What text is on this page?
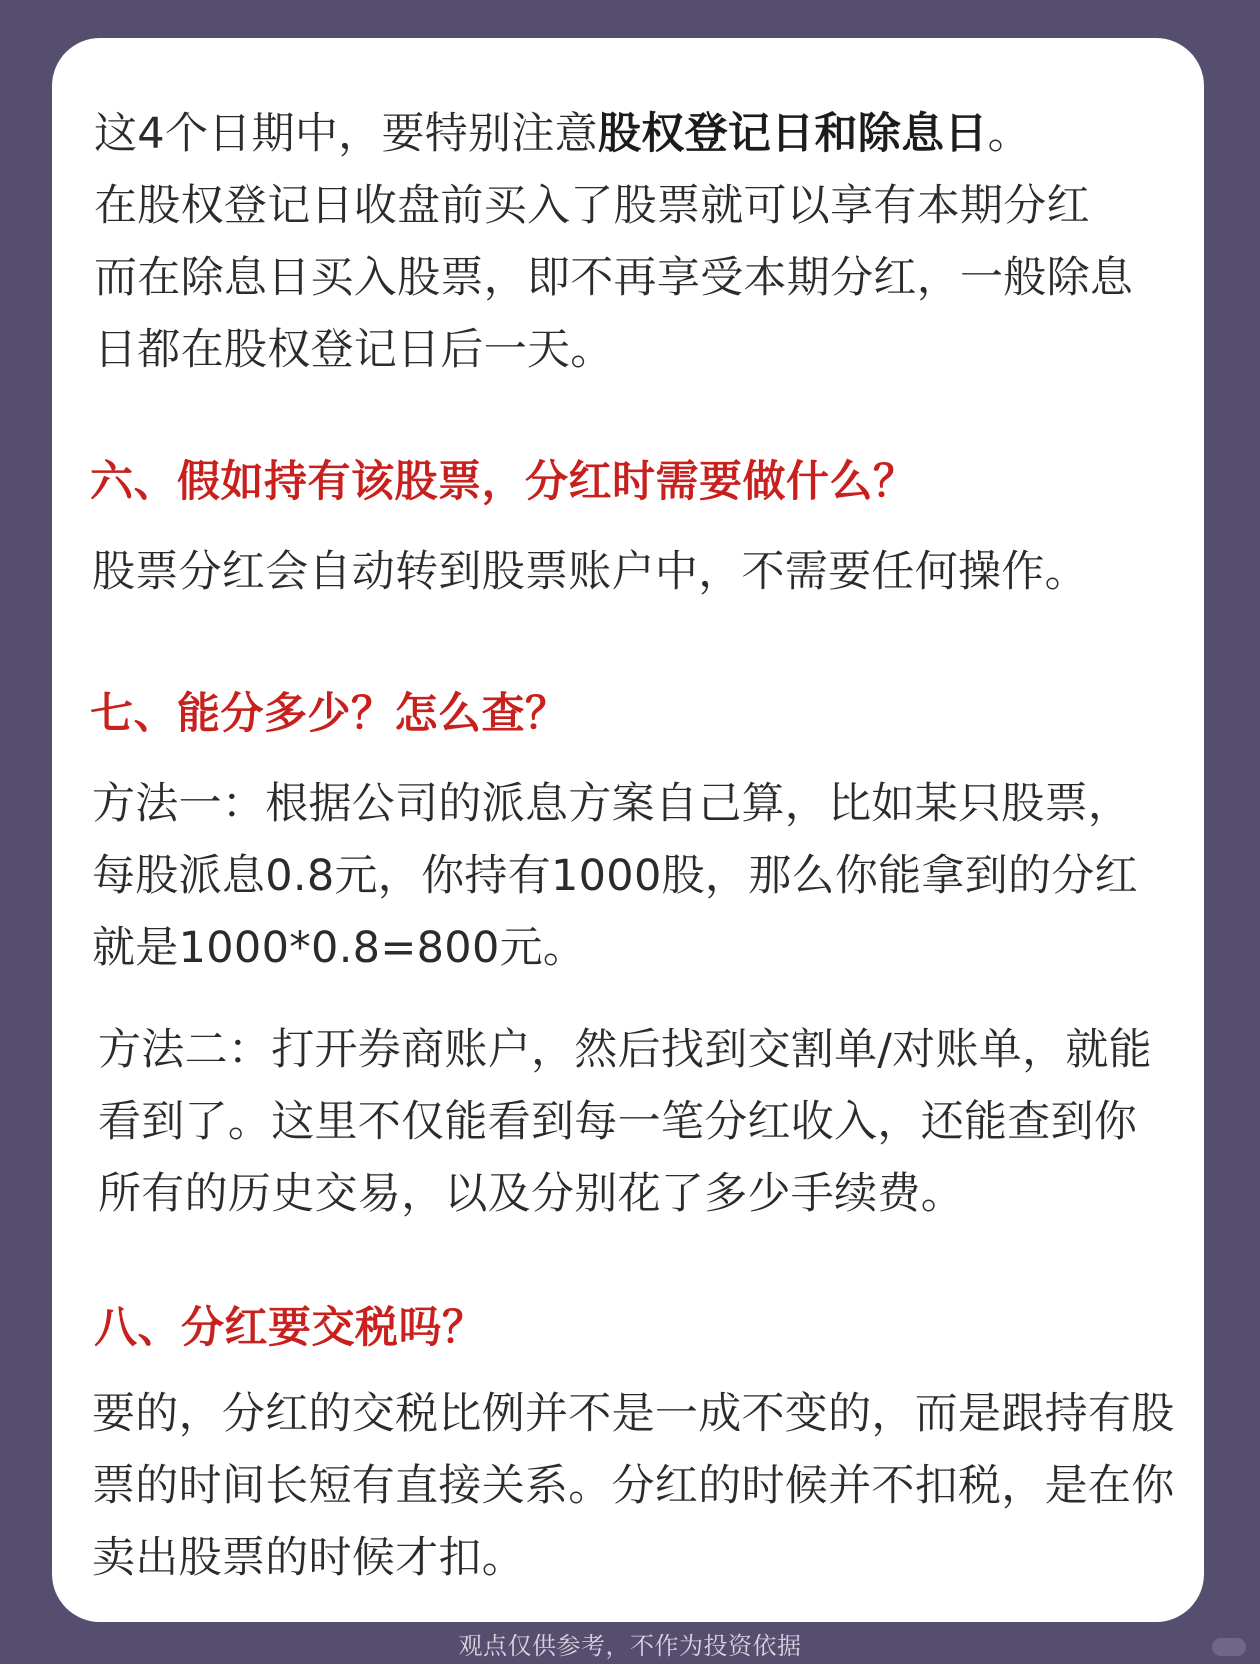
这4个日期中，要特别注意股权登记日和除息日。

在股权登记日收盘前买入了股票就可以享有本期分红

而在除息日买入股票，即不再享受本期分红，一般除息日都在股权登记日后一天。

六、假如持有该股票，分红时需要做什么？

股票分红会自动转到股票账户中，不需要任何操作。

七、能分多少？怎么查？

方法一：根据公司的派息方案自己算，比如某只股票，每股派息0.8元，你持有1000股，那么你能拿到的分红就是1000*0.8=800元。

方法二：打开券商账户，然后找到交割单/对账单，就能看到了。这里不仅能看到每一笔分红收入，还能查到你所有的历史交易，以及分别花了多少手续费。

八、分红要交税吗？

要的，分红的交税比例并不是一成不变的，而是跟持有股票的时间长短有直接关系。分红的时候并不扣税，是在你卖出股票的时候才扣。

观点仅供参考，不作为投资依据
